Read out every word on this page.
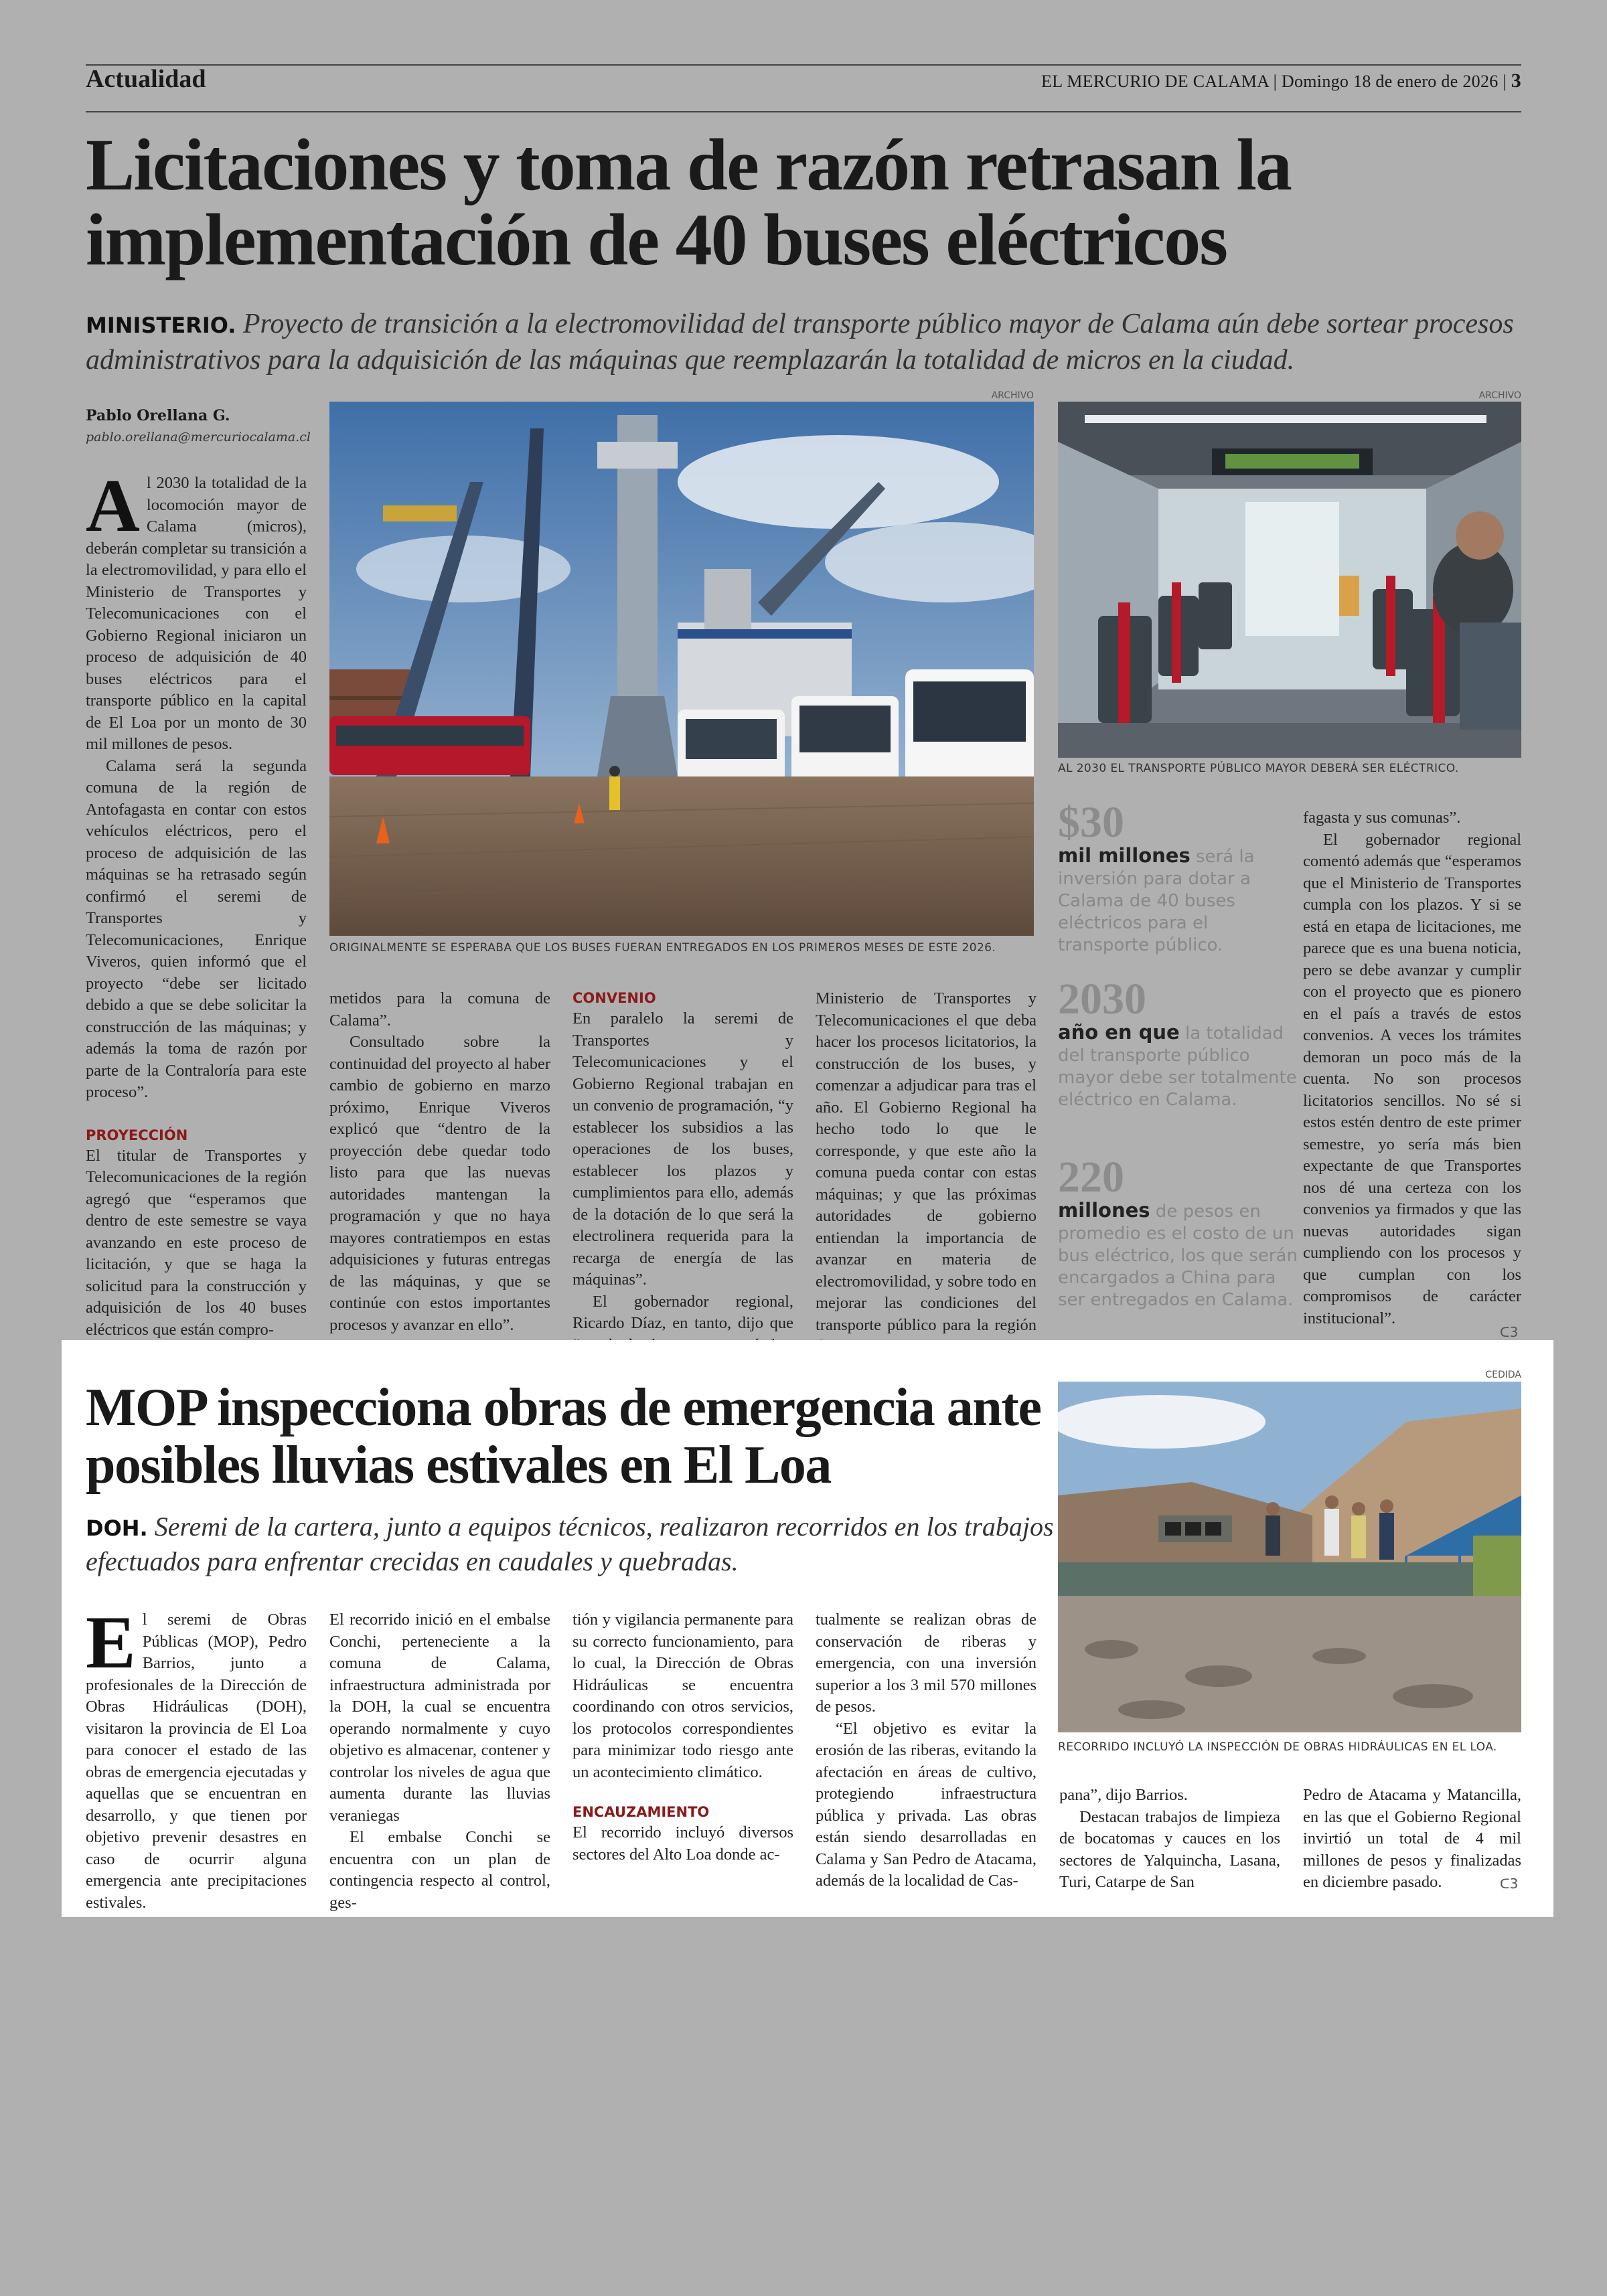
Actualidad	EL MERCURIO DE CALAMA | Domingo 18 de enero de 2026 | 3
Licitaciones y toma de razón retrasan la implementación de 40 buses eléctricos
MINISTERIO. Proyecto de transición a la electromovilidad del transporte público mayor de Calama aún debe sortear procesos administrativos para la adquisición de las máquinas que reemplazarán la totalidad de micros en la ciudad.
Pablo Orellana G.
pablo.orellana@mercuriocalama.cl

Al 2030 la totalidad de la locomoción mayor de Calama (micros), deberán completar su transición a la electromovilidad, y para ello el Ministerio de Transportes y Telecomunicaciones con el Gobierno Regional iniciaron un proceso de adquisición de 40 buses eléctricos para el transporte público en la capital de El Loa por un monto de 30 mil millones de pesos.

Calama será la segunda comuna de la región de Antofagasta en contar con estos vehículos eléctricos, pero el proceso de adquisición de las máquinas se ha retrasado según confirmó el seremi de Transportes y Telecomunicaciones, Enrique Viveros, quien informó que el proyecto “debe ser licitado debido a que se debe solicitar la construcción de las máquinas; y además la toma de razón por parte de la Contraloría para este proceso”.

PROYECCIÓN

El titular de Transportes y Telecomunicaciones de la región agregó que “esperamos que dentro de este semestre se vaya avanzando en este proceso de licitación, y que se haga la solicitud para la construcción y adquisición de los 40 buses eléctricos que están compro-

ARCHIVO
ORIGINALMENTE SE ESPERABA QUE LOS BUSES FUERAN ENTREGADOS EN LOS PRIMEROS MESES DE ESTE 2026.
ARCHIVO
AL 2030 EL TRANSPORTE PÚBLICO MAYOR DEBERÁ SER ELÉCTRICO.

metidos para la comuna de Calama”.

Consultado sobre la continuidad del proyecto al haber cambio de gobierno en marzo próximo, Enrique Viveros explicó que “dentro de la proyección debe quedar todo listo para que las nuevas autoridades mantengan la programación y que no haya mayores contratiempos en estas adquisiciones y futuras entregas de las máquinas, y que se continúe con estos importantes procesos y avanzar en ello”.

CONVENIO

En paralelo la seremi de Transportes y Telecomunicaciones y el Gobierno Regional trabajan en un convenio de programación, “y establecer los subsidios a las operaciones de los buses, establecer los plazos y cumplimientos para ello, además de la dotación de lo que será la electrolinera requerida para la recarga de energía de las máquinas”.

El gobernador regional, Ricardo Díaz, en tanto, dijo que

Ministerio de Transportes y Telecomunicaciones el que deba hacer los procesos licitatorios, la construcción de los buses, y comenzar a adjudicar para tras el año. El Gobierno Regional ha hecho todo lo que le corresponde, y que este año la comuna pueda contar con estas máquinas; y que las próximas autoridades de gobierno entiendan la importancia de avanzar en materia de electromovilidad, y sobre todo en mejorar las condiciones del transporte público para la región

$30
mil millones será la inversión para dotar a Calama de 40 buses eléctricos para el transporte público.
2030
año en que la totalidad del transporte público mayor debe ser totalmente eléctrico en Calama.
220
millones de pesos en promedio es el costo de un bus eléctrico, los que serán encargados a China para ser entregados en Calama.

fagasta y sus comunas”.

El gobernador regional comentó además que “esperamos que el Ministerio de Transportes cumpla con los plazos. Y si se está en etapa de licitaciones, me parece que es una buena noticia, pero se debe avanzar y cumplir con el proyecto que es pionero en el país a través de estos convenios. A veces los trámites demoran un poco más de la cuenta. No son procesos licitatorios sencillos. No sé si estos estén dentro de este primer semestre, yo sería más bien expectante de que Transportes nos dé una certeza con los convenios ya firmados y que las nuevas autoridades sigan cumpliendo con los procesos y que cumplan con los compromisos de carácter institucional”.

ᑕ3
MOP inspecciona obras de emergencia ante posibles lluvias estivales en El Loa
DOH. Seremi de la cartera, junto a equipos técnicos, realizaron recorridos en los trabajos efectuados para enfrentar crecidas en caudales y quebradas.

El seremi de Obras Públicas (MOP), Pedro Barrios, junto a profesionales de la Dirección de Obras Hidráulicas (DOH), visitaron la provincia de El Loa para conocer el estado de las obras de emergencia ejecutadas y aquellas que se encuentran en desarrollo, y que tienen por objetivo prevenir desastres en caso de ocurrir alguna emergencia ante precipitaciones estivales.

El recorrido inició en el embalse Conchi, perteneciente a la comuna de Calama, infraestructura administrada por la DOH, la cual se encuentra operando normalmente y cuyo objetivo es almacenar, contener y controlar los niveles de agua que aumenta durante las lluvias veraniegas

El embalse Conchi se encuentra con un plan de contingencia respecto al control, ges-

tión y vigilancia permanente para su correcto funcionamiento, para lo cual, la Dirección de Obras Hidráulicas se encuentra coordinando con otros servicios, los protocolos correspondientes para minimizar todo riesgo ante un acontecimiento climático.

ENCAUZAMIENTO

El recorrido incluyó diversos sectores del Alto Loa donde ac-

tualmente se realizan obras de conservación de riberas y emergencia, con una inversión superior a los 3 mil 570 millones de pesos.

“El objetivo es evitar la erosión de las riberas, evitando la afectación en áreas de cultivo, protegiendo infraestructura pública y privada. Las obras están siendo desarrolladas en Calama y San Pedro de Atacama, además de la localidad de Cas-

CEDIDA
RECORRIDO INCLUYÓ LA INSPECCIÓN DE OBRAS HIDRÁULICAS EN EL LOA.

pana”, dijo Barrios.

Destacan trabajos de limpieza de bocatomas y cauces en los sectores de Yalquincha, Lasana, Turi, Catarpe de San

Pedro de Atacama y Matancilla, en las que el Gobierno Regional invirtió un total de 4 mil millones de pesos y finalizadas en diciembre pasado.	ᑕ3
